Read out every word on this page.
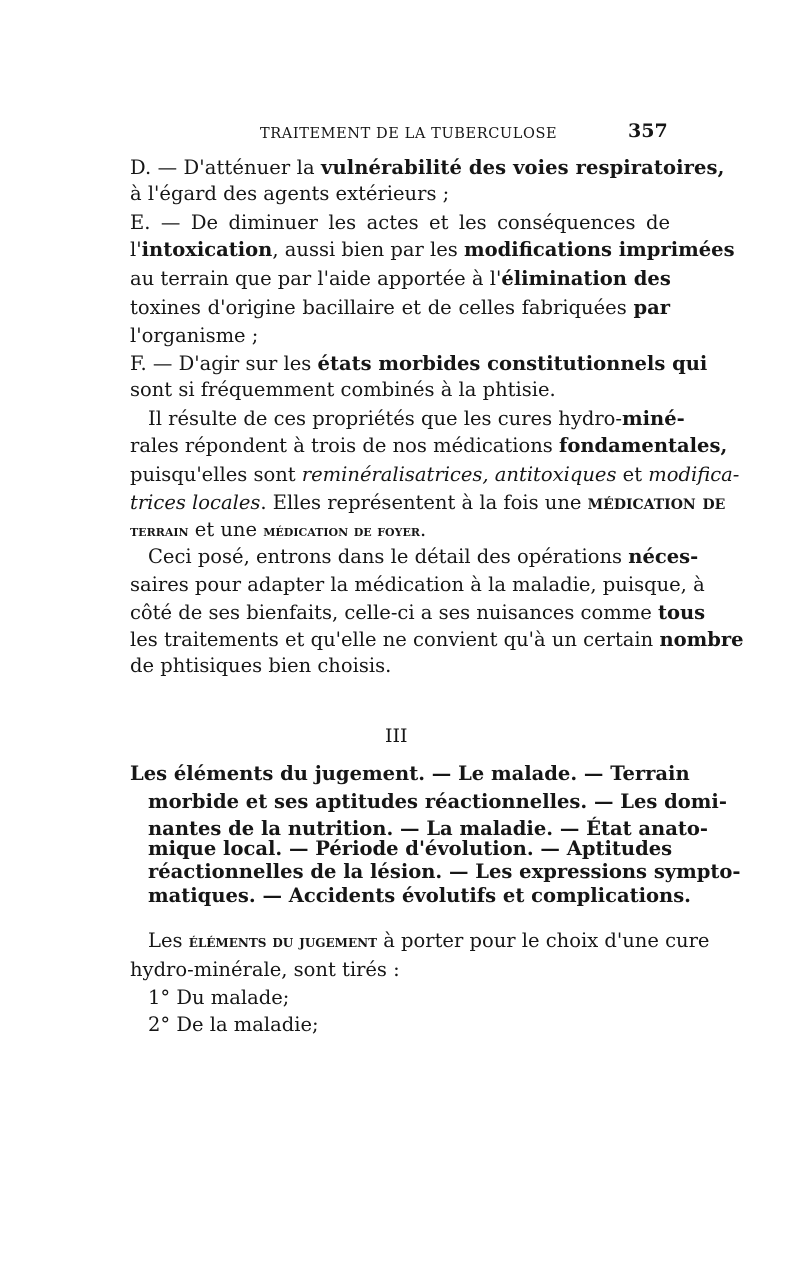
TRAITEMENT DE LA TUBERCULOSE	357
D. — D'atténuer la vulnérabilité des voies respiratoires,
à l'égard des agents extérieurs ;
E. — De diminuer les actes et les conséquences de
l'intoxication, aussi bien par les modifications imprimées
au terrain que par l'aide apportée à l'élimination des
toxines d'origine bacillaire et de celles fabriquées par
l'organisme ;
F. — D'agir sur les états morbides constitutionnels qui
sont si fréquemment combinés à la phtisie.
Il résulte de ces propriétés que les cures hydro-miné-
rales répondent à trois de nos médications fondamentales,
puisqu'elles sont reminéralisatrices, antitoxiques et modifica-
trices locales. Elles représentent à la fois une médication de
terrain et une médication de foyer.
Ceci posé, entrons dans le détail des opérations néces-
saires pour adapter la médication à la maladie, puisque, à
côté de ses bienfaits, celle-ci a ses nuisances comme tous
les traitements et qu'elle ne convient qu'à un certain nombre
de phtisiques bien choisis.
III
Les éléments du jugement. — Le malade. — Terrain
morbide et ses aptitudes réactionnelles. — Les domi-
nantes de la nutrition. — La maladie. — État anato-
mique local. — Période d'évolution. — Aptitudes
réactionnelles de la lésion. — Les expressions sympto-
matiques. — Accidents évolutifs et complications.
Les éléments du jugement à porter pour le choix d'une cure
hydro-minérale, sont tirés :
1° Du malade;
2° De la maladie;
